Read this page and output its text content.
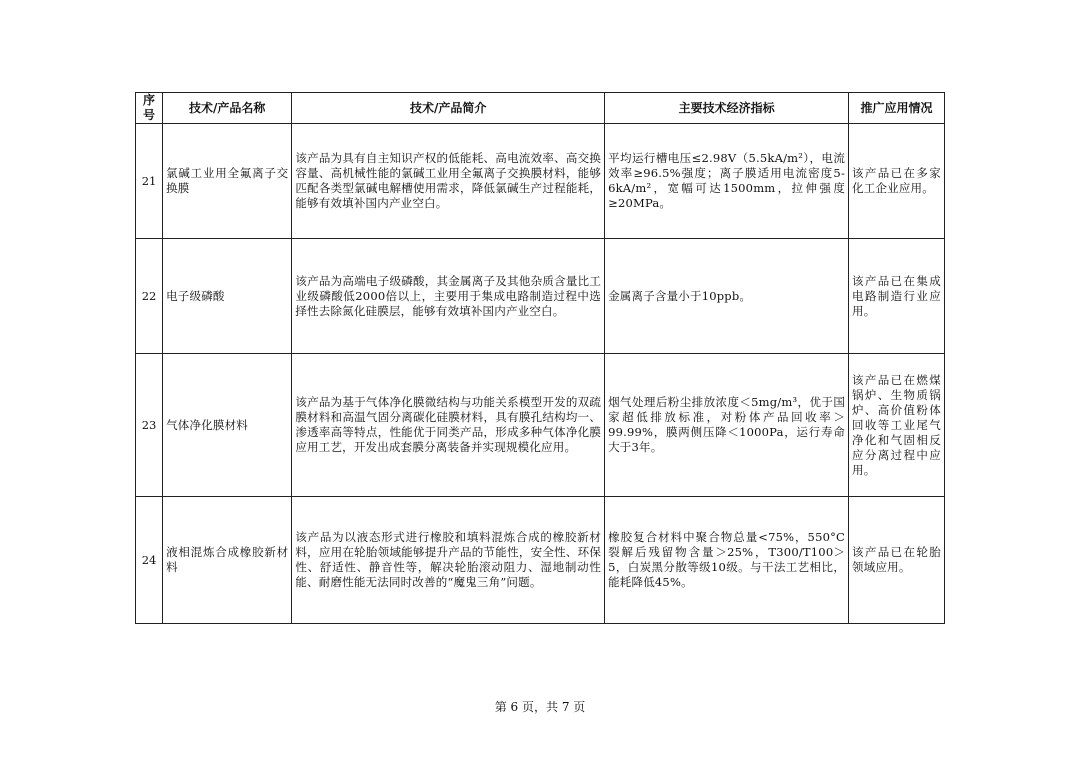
序号	技术/产品名称	技术/产品简介	主要技术经济指标	推广应用情况
21	氯碱工业用全氟离子交换膜	该产品为具有自主知识产权的低能耗、高电流效率、高交换容量、高机械性能的氯碱工业用全氟离子交换膜材料，能够匹配各类型氯碱电解槽使用需求，降低氯碱生产过程能耗，能够有效填补国内产业空白。	平均运行槽电压≤2.98V（5.5kA/m²），电流效率≥96.5%强度；离子膜适用电流密度5-6kA/m²，宽幅可达1500mm，拉伸强度≥20MPa。	该产品已在多家化工企业应用。
22	电子级磷酸	该产品为高端电子级磷酸，其金属离子及其他杂质含量比工业级磷酸低2000倍以上，主要用于集成电路制造过程中选择性去除氮化硅膜层，能够有效填补国内产业空白。	金属离子含量小于10ppb。	该产品已在集成电路制造行业应用。
23	气体净化膜材料	该产品为基于气体净化膜微结构与功能关系模型开发的双疏膜材料和高温气固分离碳化硅膜材料，具有膜孔结构均一、渗透率高等特点，性能优于同类产品，形成多种气体净化膜应用工艺，开发出成套膜分离装备并实现规模化应用。	烟气处理后粉尘排放浓度＜5mg/m³，优于国家超低排放标准，对粉体产品回收率＞99.99%，膜两侧压降＜1000Pa，运行寿命大于3年。	该产品已在燃煤锅炉、生物质锅炉、高价值粉体回收等工业尾气净化和气固相反应分离过程中应用。
24	液相混炼合成橡胶新材料	该产品为以液态形式进行橡胶和填料混炼合成的橡胶新材料，应用在轮胎领域能够提升产品的节能性，安全性、环保性、舒适性、静音性等，解决轮胎滚动阻力、湿地制动性能、耐磨性能无法同时改善的“魔鬼三角”问题。	橡胶复合材料中聚合物总量<75%，550°C裂解后残留物含量＞25%，T300/T100＞5，白炭黑分散等级10级。与干法工艺相比，能耗降低45%。	该产品已在轮胎领域应用。
第 6 页，共 7 页
